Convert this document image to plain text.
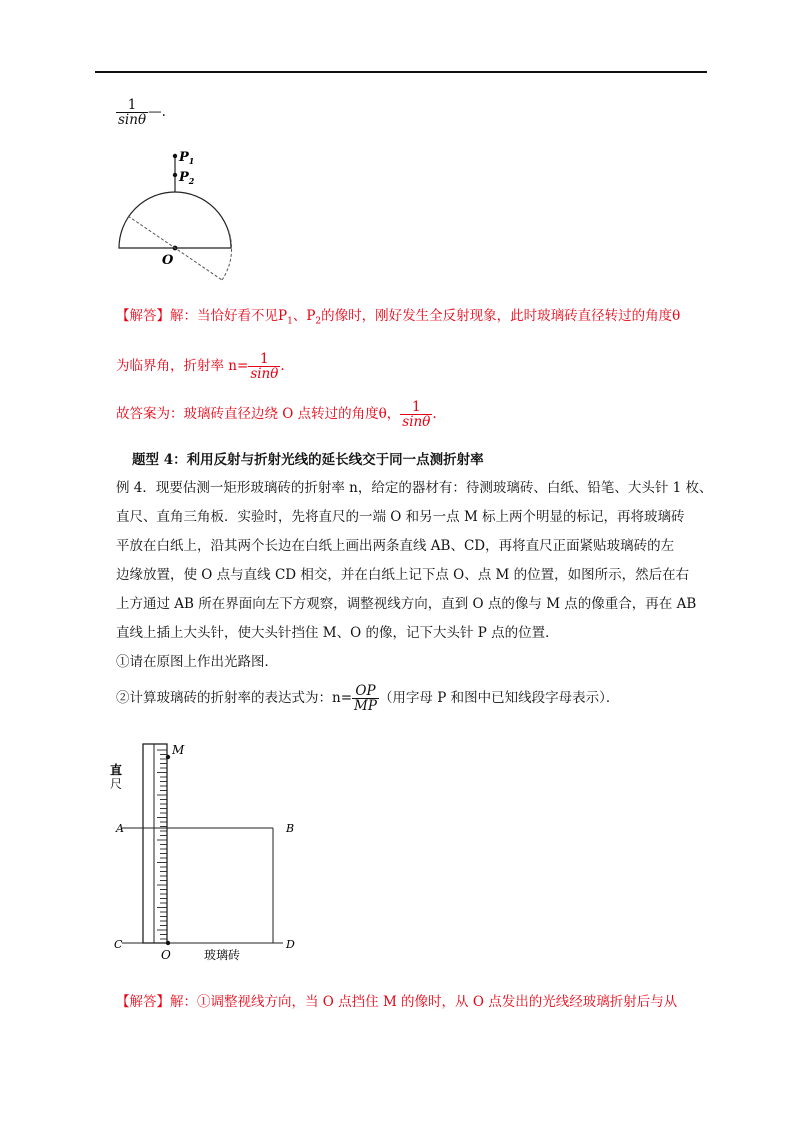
$\frac{1}{\sin\theta}$ —.
$P_1$
$P_2$
O
【解答】解：当恰好看不见$P_1$、$P_2$的像时，刚好发生全反射现象，此时玻璃砖直径转过的角度θ
为临界角，折射率 $n= \frac{1}{\sin\theta}$ .
故答案为：玻璃砖直径边绕 O 点转过的角度θ， $\frac{1}{\sin\theta}$ .
题型 4：利用反射与折射光线的延长线交于同一点测折射率
例 4．现要估测一矩形玻璃砖的折射率 n，给定的器材有：待测玻璃砖、白纸、铅笔、大头针 1 枚、
直尺、直角三角板．实验时，先将直尺的一端 O 和另一点 M 标上两个明显的标记，再将玻璃砖
平放在白纸上，沿其两个长边在白纸上画出两条直线 AB、CD，再将直尺正面紧贴玻璃砖的左
边缘放置，使 O 点与直线 CD 相交，并在白纸上记下点 O、点 M 的位置，如图所示，然后在右
上方通过 AB 所在界面向左下方观察，调整视线方向，直到 O 点的像与 M 点的像重合，再在 AB
直线上插上大头针，使大头针挡住 M、O 的像，记下大头针 P 点的位置．
①请在原图上作出光路图．
②计算玻璃砖的折射率的表达式为：$n= \frac{OP}{MP}$ （用字母 P 和图中已知线段字母表示）．
直
尺
M
A	B
C	D
O	玻璃砖
【解答】解：①调整视线方向，当 O 点挡住 M 的像时，从 O 点发出的光线经玻璃折射后与从
